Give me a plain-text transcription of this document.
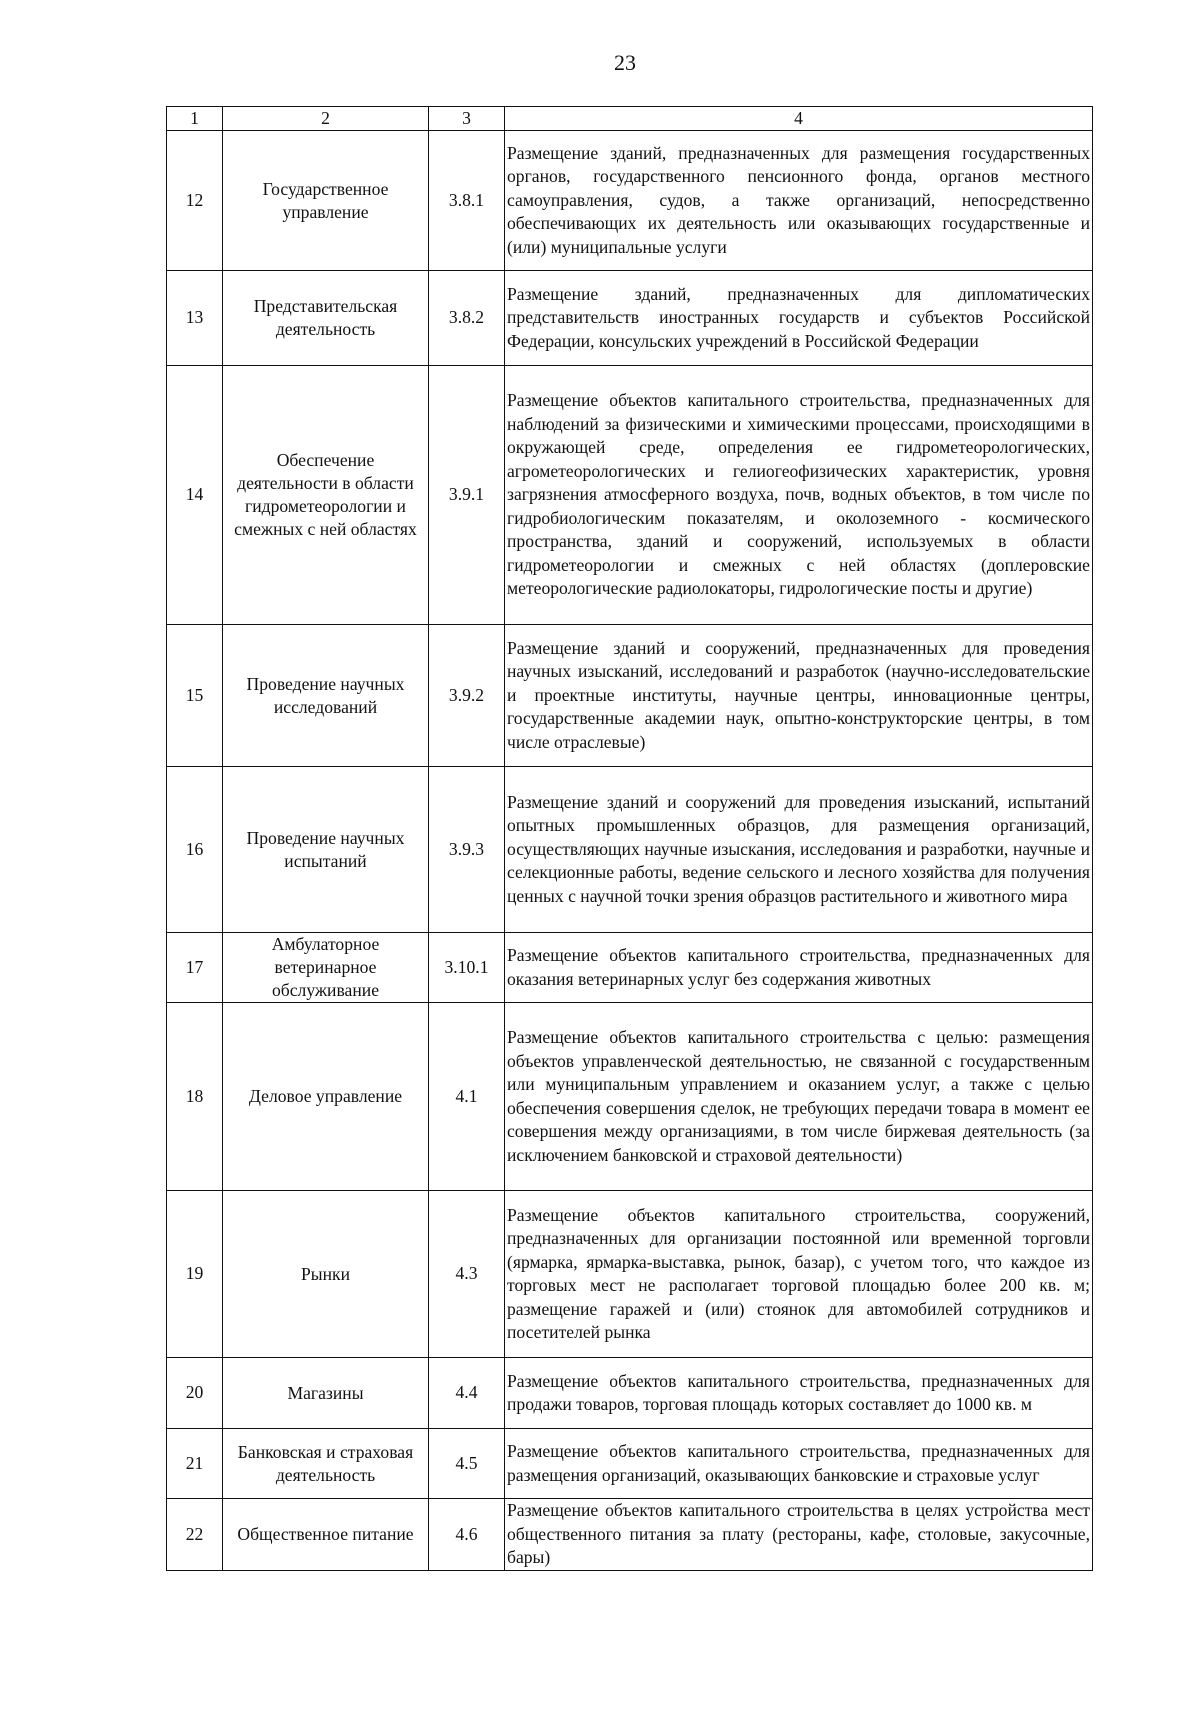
23
1	2	3	4
12	Государственное управление	3.8.1	Размещение зданий, предназначенных для размещения государственных органов, государственного пенсионного фонда, органов местного самоуправления, судов, а также организаций, непосредственно обеспечивающих их деятельность или оказывающих государственные и (или) муниципальные услуги
13	Представительская деятельность	3.8.2	Размещение зданий, предназначенных для дипломатических представительств иностранных государств и субъектов Российской Федерации, консульских учреждений в Российской Федерации
14	Обеспечение деятельности в области гидрометеорологии и смежных с ней областях	3.9.1	Размещение объектов капитального строительства, предназначенных для наблюдений за физическими и химическими процессами, происходящими в окружающей среде, определения ее гидрометеорологических, агрометеорологических и гелиогеофизических характеристик, уровня загрязнения атмосферного воздуха, почв, водных объектов, в том числе по гидробиологическим показателям, и околоземного - космического пространства, зданий и сооружений, используемых в области гидрометеорологии и смежных с ней областях (доплеровские метеорологические радиолокаторы, гидрологические посты и другие)
15	Проведение научных исследований	3.9.2	Размещение зданий и сооружений, предназначенных для проведения научных изысканий, исследований и разработок (научно-исследовательские и проектные институты, научные центры, инновационные центры, государственные академии наук, опытно-конструкторские центры, в том числе отраслевые)
16	Проведение научных испытаний	3.9.3	Размещение зданий и сооружений для проведения изысканий, испытаний опытных промышленных образцов, для размещения организаций, осуществляющих научные изыскания, исследования и разработки, научные и селекционные работы, ведение сельского и лесного хозяйства для получения ценных с научной точки зрения образцов растительного и животного мира
17	Амбулаторное ветеринарное обслуживание	3.10.1	Размещение объектов капитального строительства, предназначенных для оказания ветеринарных услуг без содержания животных
18	Деловое управление	4.1	Размещение объектов капитального строительства с целью: размещения объектов управленческой деятельностью, не связанной с государственным или муниципальным управлением и оказанием услуг, а также с целью обеспечения совершения сделок, не требующих передачи товара в момент ее совершения между организациями, в том числе биржевая деятельность (за исключением банковской и страховой деятельности)
19	Рынки	4.3	Размещение объектов капитального строительства, сооружений, предназначенных для организации постоянной или временной торговли (ярмарка, ярмарка-выставка, рынок, базар), с учетом того, что каждое из торговых мест не располагает торговой площадью более 200 кв. м; размещение гаражей и (или) стоянок для автомобилей сотрудников и посетителей рынка
20	Магазины	4.4	Размещение объектов капитального строительства, предназначенных для продажи товаров, торговая площадь которых составляет до 1000 кв. м
21	Банковская и страховая деятельность	4.5	Размещение объектов капитального строительства, предназначенных для размещения организаций, оказывающих банковские и страховые услуг
22	Общественное питание	4.6	Размещение объектов капитального строительства в целях устройства мест общественного питания за плату (рестораны, кафе, столовые, закусочные, бары)
